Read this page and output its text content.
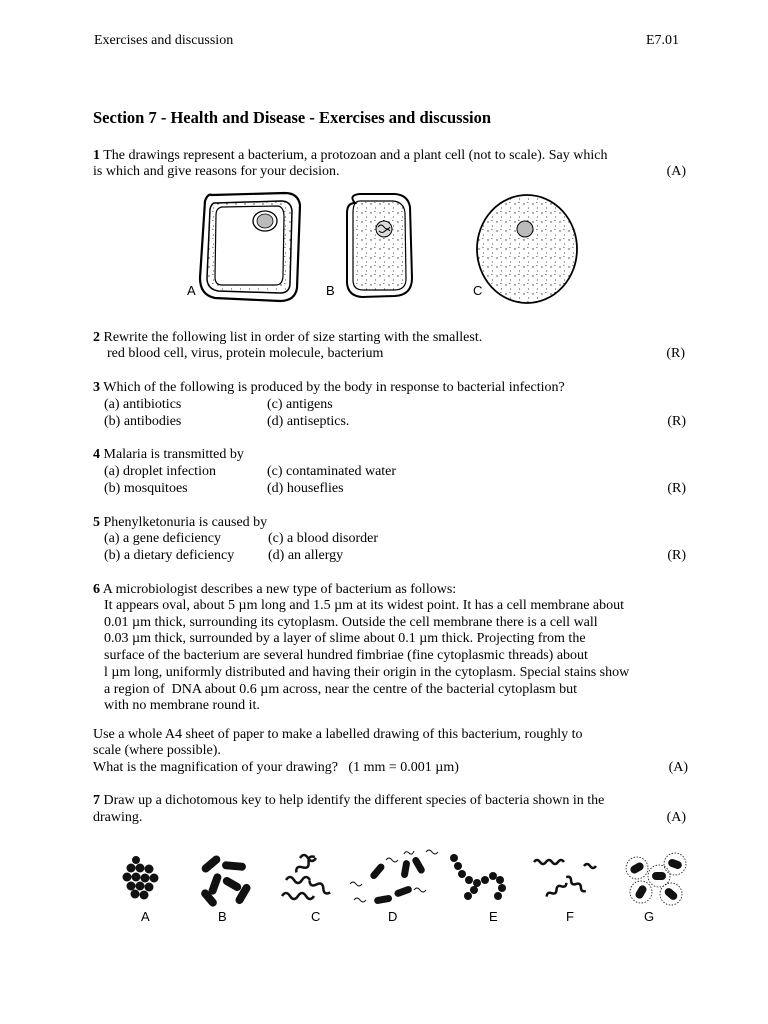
Exercises and discussion	E7.01
Section 7 - Health and Disease - Exercises and discussion
1 The drawings represent a bacterium, a protozoan and a plant cell (not to scale). Say which
is which and give reasons for your decision.	(A)
A	B	C
2 Rewrite the following list in order of size starting with the smallest.
red blood cell, virus, protein molecule, bacterium	(R)
3 Which of the following is produced by the body in response to bacterial infection?
(a) antibiotics	(c) antigens
(b) antibodies	(d) antiseptics.	(R)
4 Malaria is transmitted by
(a) droplet infection	(c) contaminated water
(b) mosquitoes	(d) houseflies	(R)
5 Phenylketonuria is caused by
(a) a gene deficiency	(c) a blood disorder
(b) a dietary deficiency (d) an allergy	(R)
6 A microbiologist describes a new type of bacterium as follows:
It appears oval, about 5 µm long and 1.5 µm at its widest point. It has a cell membrane about
0.01 µm thick, surrounding its cytoplasm. Outside the cell membrane there is a cell wall
0.03 µm thick, surrounded by a layer of slime about 0.1 µm thick. Projecting from the
surface of the bacterium are several hundred fimbriae (fine cytoplasmic threads) about
l µm long, uniformly distributed and having their origin in the cytoplasm. Special stains show
a region of  DNA about 0.6 µm across, near the centre of the bacterial cytoplasm but
with no membrane round it.
Use a whole A4 sheet of paper to make a labelled drawing of this bacterium, roughly to
scale (where possible).
What is the magnification of your drawing?   (1 mm = 0.001 µm)	(A)
7 Draw up a dichotomous key to help identify the different species of bacteria shown in the
drawing.	(A)
A	B	C	D	E	F	G
